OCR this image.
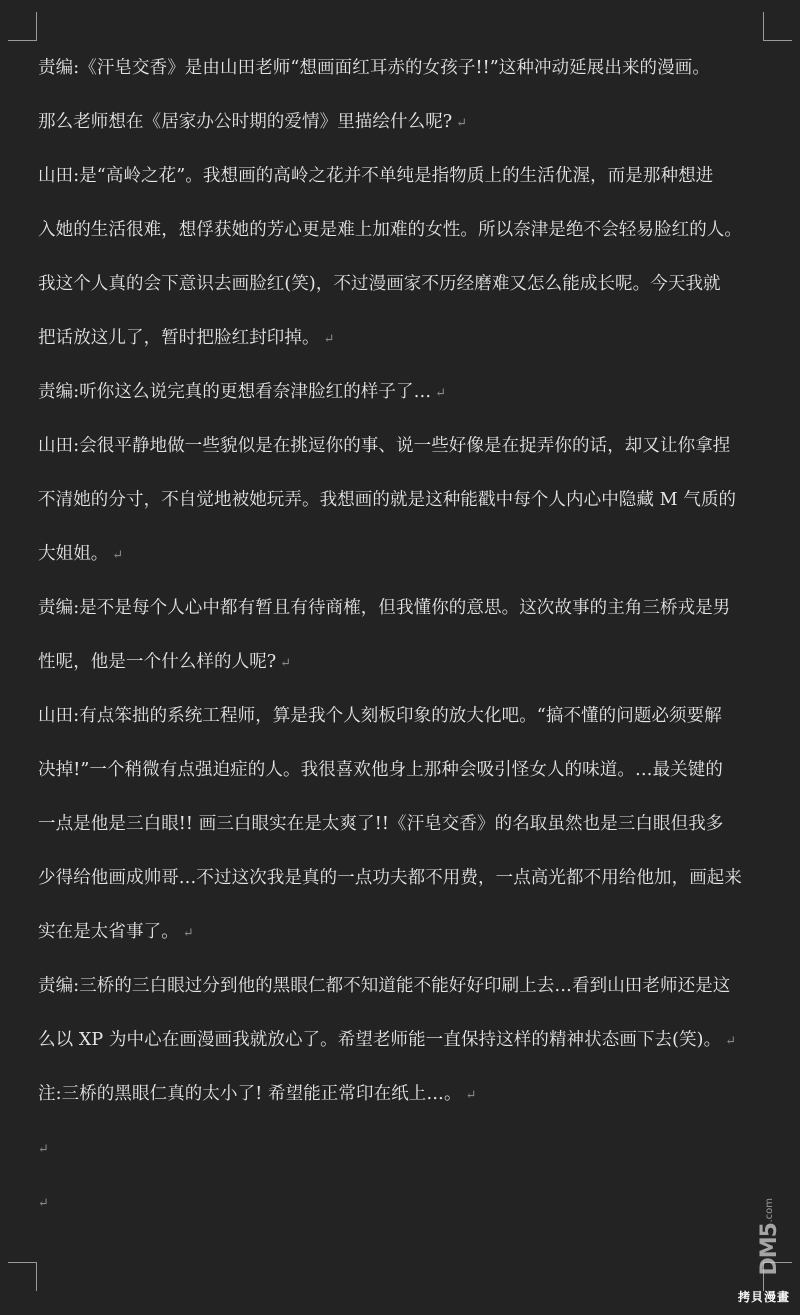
责编:《汗皂交香》是由山田老师“想画面红耳赤的女孩子!!”这种冲动延展出来的漫画。
那么老师想在《居家办公时期的爱情》里描绘什么呢? ↵
山田:是“高岭之花”。我想画的高岭之花并不单纯是指物质上的生活优渥，而是那种想进
入她的生活很难，想俘获她的芳心更是难上加难的女性。所以奈津是绝不会轻易脸红的人。
我这个人真的会下意识去画脸红(笑)，不过漫画家不历经磨难又怎么能成长呢。今天我就
把话放这儿了，暂时把脸红封印掉。 ↵
责编:听你这么说完真的更想看奈津脸红的样子了… ↵
山田:会很平静地做一些貌似是在挑逗你的事、说一些好像是在捉弄你的话，却又让你拿捏
不清她的分寸，不自觉地被她玩弄。我想画的就是这种能戳中每个人内心中隐藏 M 气质的
大姐姐。 ↵
责编:是不是每个人心中都有暂且有待商榷，但我懂你的意思。这次故事的主角三桥戎是男
性呢，他是一个什么样的人呢? ↵
山田:有点笨拙的系统工程师，算是我个人刻板印象的放大化吧。“搞不懂的问题必须要解
决掉!”一个稍微有点强迫症的人。我很喜欢他身上那种会吸引怪女人的味道。…最关键的
一点是他是三白眼!! 画三白眼实在是太爽了!!《汗皂交香》的名取虽然也是三白眼但我多
少得给他画成帅哥…不过这次我是真的一点功夫都不用费，一点高光都不用给他加，画起来
实在是太省事了。 ↵
责编:三桥的三白眼过分到他的黑眼仁都不知道能不能好好印刷上去…看到山田老师还是这
么以 XP 为中心在画漫画我就放心了。希望老师能一直保持这样的精神状态画下去(笑)。 ↵
注:三桥的黑眼仁真的太小了! 希望能正常印在纸上…。 ↵
↵
↵	.com
DM5
拷貝漫畫
